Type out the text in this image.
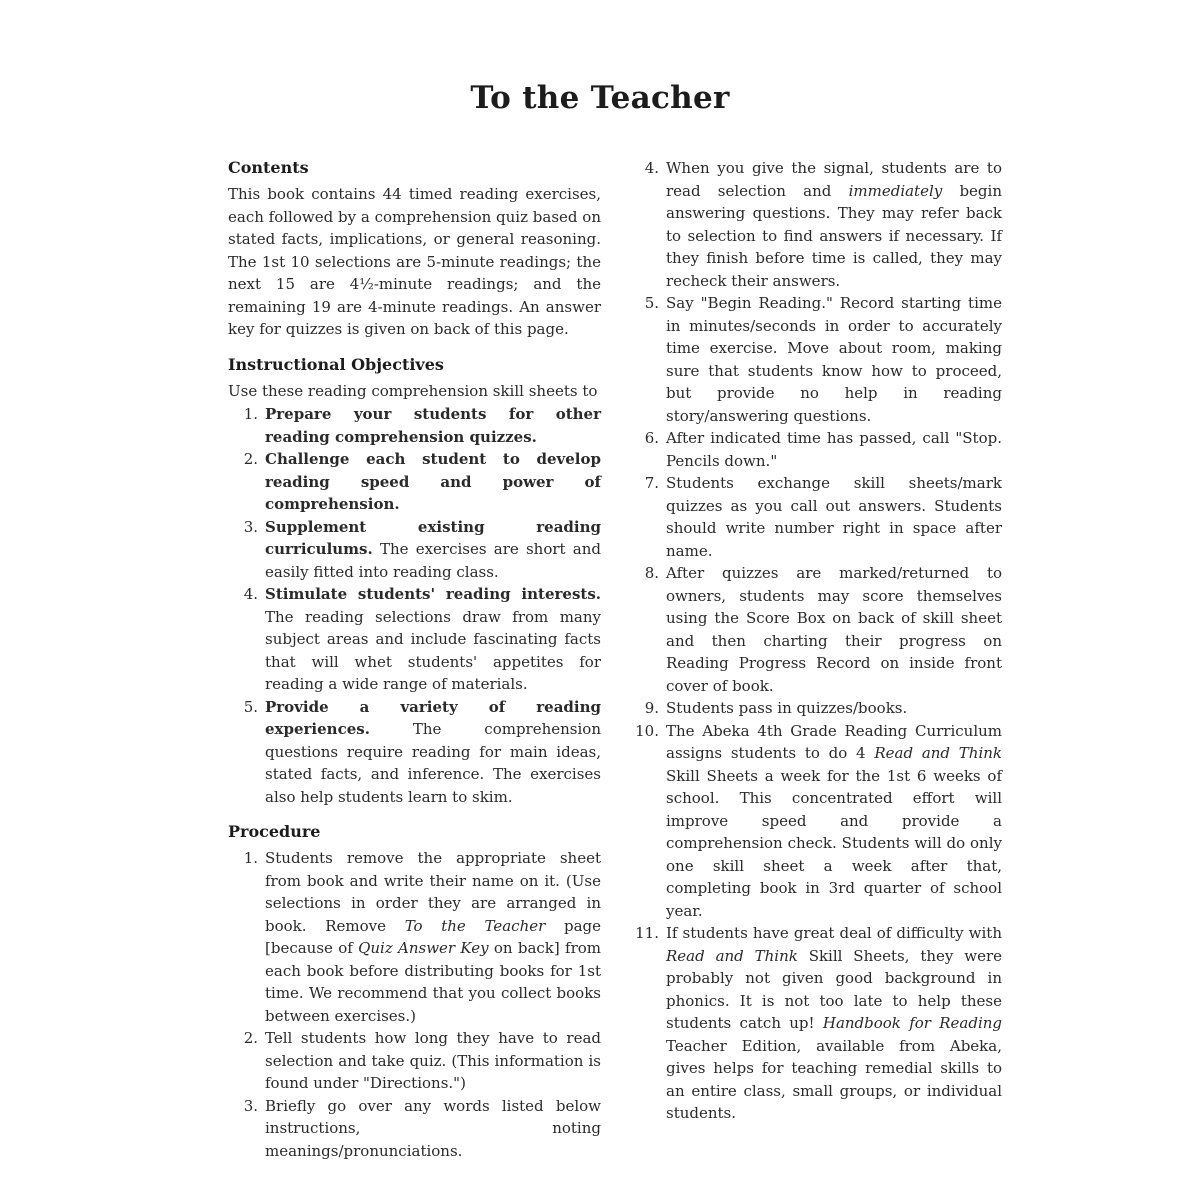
To the Teacher
Contents

This book contains 44 timed reading exercises, each followed by a comprehension quiz based on stated facts, implications, or general reasoning. The 1st 10 selections are 5-minute readings; the next 15 are 4½-minute readings; and the remaining 19 are 4-minute readings. An answer key for quizzes is given on back of this page.

Instructional Objectives

Use these reading comprehension skill sheets to

1. Prepare your students for other reading comprehension quizzes.
2. Challenge each student to develop reading speed and power of comprehension.
3. Supplement existing reading curriculums. The exercises are short and easily fitted into reading class.
4. Stimulate students' reading interests. The reading selections draw from many subject areas and include fascinating facts that will whet students' appetites for reading a wide range of materials.
5. Provide a variety of reading experiences. The comprehension questions require reading for main ideas, stated facts, and inference. The exercises also help students learn to skim.
Procedure
1. Students remove the appropriate sheet from book and write their name on it. (Use selections in order they are arranged in book. Remove To the Teacher page [because of Quiz Answer Key on back] from each book before distributing books for 1st time. We recommend that you collect books between exercises.)
2. Tell students how long they have to read selection and take quiz. (This information is found under "Directions.")
3. Briefly go over any words listed below instructions, noting meanings/pronunciations.
4. When you give the signal, students are to read selection and immediately begin answering questions. They may refer back to selection to find answers if necessary. If they finish before time is called, they may recheck their answers.
5. Say "Begin Reading." Record starting time in minutes/seconds in order to accurately time exercise. Move about room, making sure that students know how to proceed, but provide no help in reading story/answering questions.
6. After indicated time has passed, call "Stop. Pencils down."
7. Students exchange skill sheets/mark quizzes as you call out answers. Students should write number right in space after name.
8. After quizzes are marked/returned to owners, students may score themselves using the Score Box on back of skill sheet and then charting their progress on Reading Progress Record on inside front cover of book.
9. Students pass in quizzes/books.
10. The Abeka 4th Grade Reading Curriculum assigns students to do 4 Read and Think Skill Sheets a week for the 1st 6 weeks of school. This concentrated effort will improve speed and provide a comprehension check. Students will do only one skill sheet a week after that, completing book in 3rd quarter of school year.
11. If students have great deal of difficulty with Read and Think Skill Sheets, they were probably not given good background in phonics. It is not too late to help these students catch up! Handbook for Reading Teacher Edition, available from Abeka, gives helps for teaching remedial skills to an entire class, small groups, or individual students.
